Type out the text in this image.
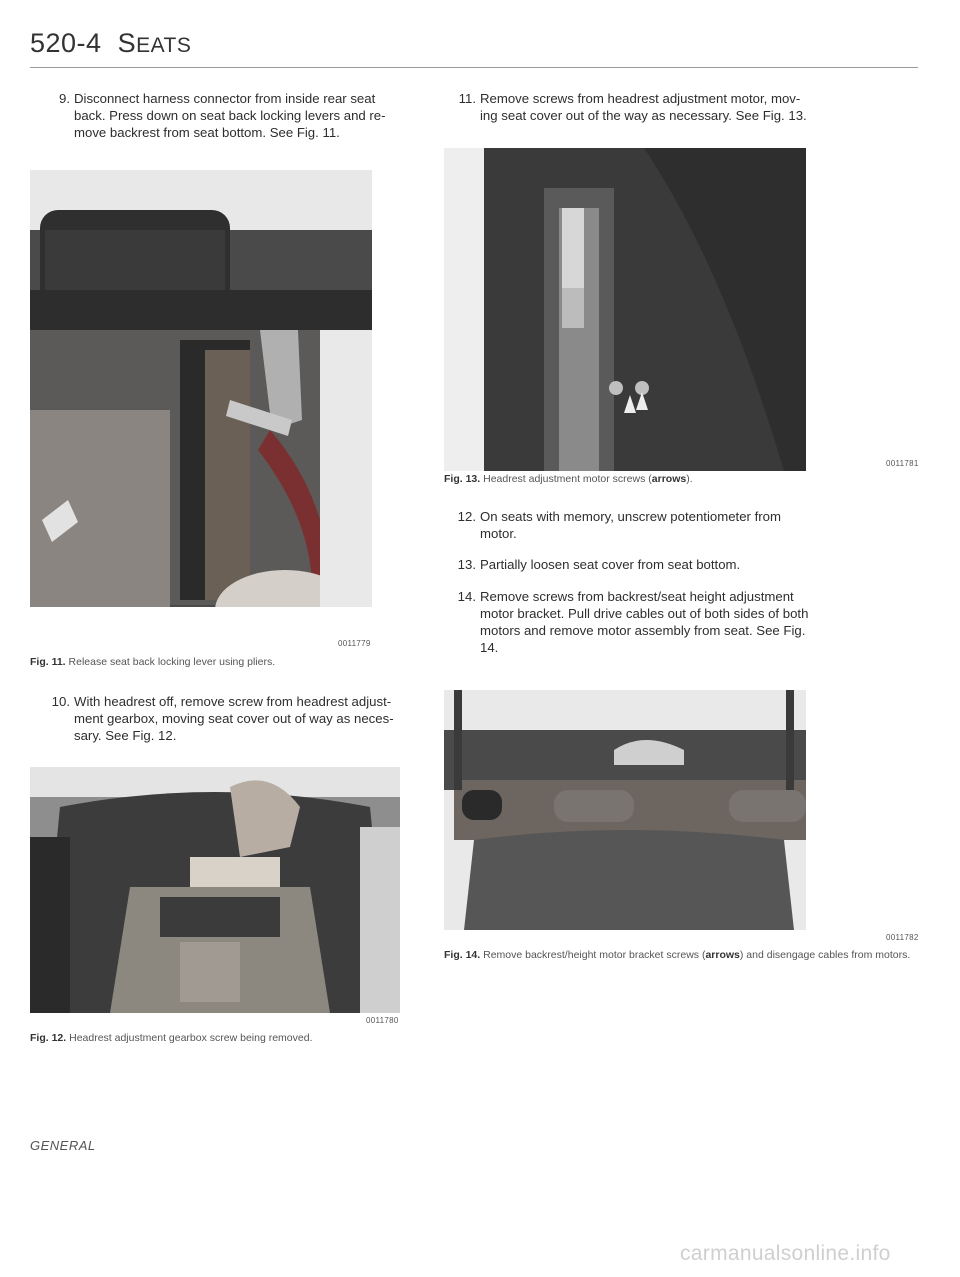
520-4 SEATS
9. Disconnect harness connector from inside rear seat back. Press down on seat back locking levers and re-move backrest from seat bottom. See Fig. 11.
0011779
Fig. 11. Release seat back locking lever using pliers.
10. With headrest off, remove screw from headrest adjust-ment gearbox, moving seat cover out of way as neces-sary. See Fig. 12.
0011780
Fig. 12. Headrest adjustment gearbox screw being removed.
11. Remove screws from headrest adjustment motor, mov-ing seat cover out of the way as necessary. See Fig. 13.
0011781
Fig. 13. Headrest adjustment motor screws (arrows).
12. On seats with memory, unscrew potentiometer from motor.
13. Partially loosen seat cover from seat bottom.
14. Remove screws from backrest/seat height adjustment motor bracket. Pull drive cables out of both sides of both motors and remove motor assembly from seat. See Fig. 14.
0011782
Fig. 14. Remove backrest/height motor bracket screws (arrows) and disengage cables from motors.
GENERAL
carmanualsonline.info
